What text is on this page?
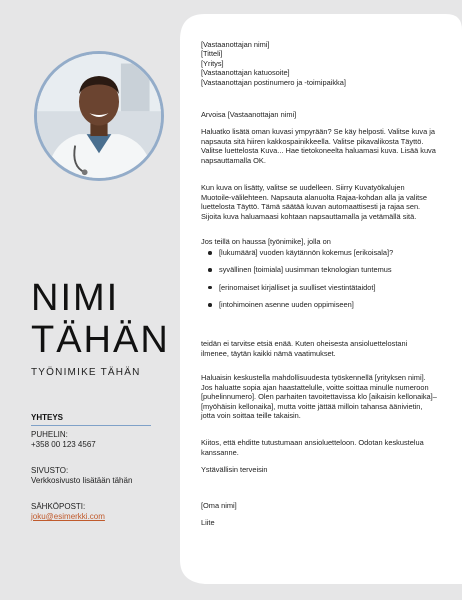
NIMI
TÄHÄN
TYÖNIMIKE TÄHÄN
YHTEYS
PUHELIN:
+358 00 123 4567
SIVUSTO:
Verkkosivusto lisätään tähän
SÄHKÖPOSTI:
joku@esimerkki.com
[Vastaanottajan nimi]
[Titteli]
[Yritys]
[Vastaanottajan katuosoite]
[Vastaanottajan postinumero ja -toimipaikka]

Arvoisa [Vastaanottajan nimi]

Haluatko lisätä oman kuvasi ympyrään? Se käy helposti. Valitse kuva ja napsauta sitä hiiren kakkospainikkeella. Valitse pikavalikosta Täyttö. Valitse luettelosta Kuva... Hae tietokoneelta haluamasi kuva. Lisää kuva napsauttamalla OK.

Kun kuva on lisätty, valitse se uudelleen. Siirry Kuvatyökalujen Muotoile-välilehteen. Napsauta alanuolta Rajaa-kohdan alla ja valitse luettelosta Täyttö. Tämä säätää kuvan automaattisesti ja rajaa sen. Sijoita kuva haluamaasi kohtaan napsauttamalla ja vetämällä sitä.

Jos teillä on haussa [työnimike], jolla on

[lukumäärä] vuoden käytännön kokemus [erikoisala]?
syvällinen [toimiala] uusimman teknologian tuntemus
[erinomaiset kirjalliset ja suulliset viestintätaidot]
[intohimoinen asenne uuden oppimiseen]

teidän ei tarvitse etsiä enää. Kuten oheisesta ansioluettelostani ilmenee, täytän kaikki nämä vaatimukset.

Haluaisin keskustella mahdollisuudesta työskennellä [yrityksen nimi]. Jos haluatte sopia ajan haastattelulle, voitte soittaa minulle numeroon [puhelinnumero]. Olen parhaiten tavoitettavissa klo [aikaisin kellonaika]–[myöhäisin kellonaika], mutta voitte jättää milloin tahansa äänivietin, jotta voin soittaa teille takaisin.

Kiitos, että ehditte tutustumaan ansioluetteloon. Odotan keskustelua kanssanne.

Ystävällisin terveisin

[Oma nimi]

Liite
